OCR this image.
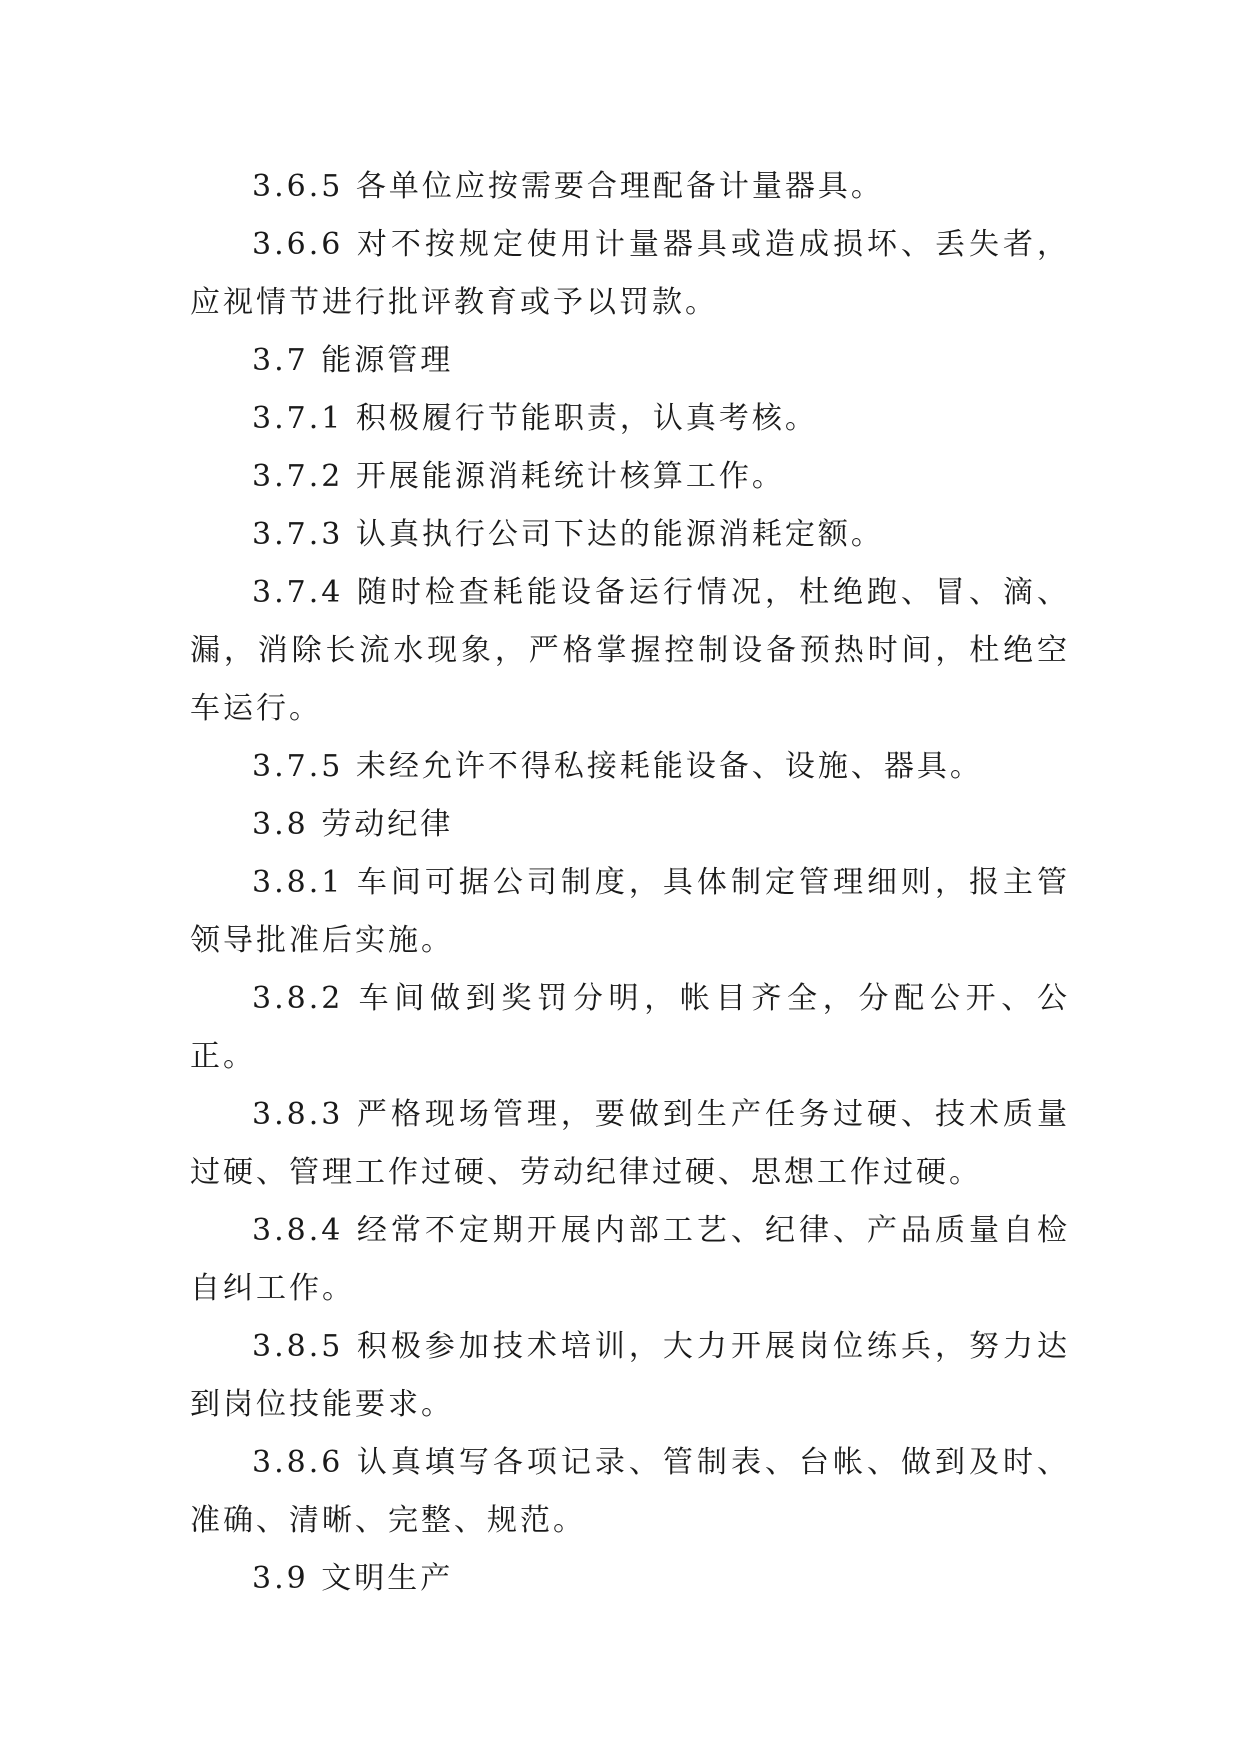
3.6.5 各单位应按需要合理配备计量器具。

3.6.6 对不按规定使用计量器具或造成损坏、丢失者，应视情节进行批评教育或予以罚款。

3.7 能源管理

3.7.1 积极履行节能职责，认真考核。

3.7.2 开展能源消耗统计核算工作。

3.7.3 认真执行公司下达的能源消耗定额。

3.7.4 随时检查耗能设备运行情况，杜绝跑、冒、滴、漏，消除长流水现象，严格掌握控制设备预热时间，杜绝空车运行。

3.7.5 未经允许不得私接耗能设备、设施、器具。

3.8 劳动纪律

3.8.1 车间可据公司制度，具体制定管理细则，报主管领导批准后实施。

3.8.2 车间做到奖罚分明，帐目齐全，分配公开、公正。

3.8.3 严格现场管理，要做到生产任务过硬、技术质量过硬、管理工作过硬、劳动纪律过硬、思想工作过硬。

3.8.4 经常不定期开展内部工艺、纪律、产品质量自检自纠工作。

3.8.5 积极参加技术培训，大力开展岗位练兵，努力达到岗位技能要求。

3.8.6 认真填写各项记录、管制表、台帐、做到及时、准确、清晰、完整、规范。

3.9 文明生产
